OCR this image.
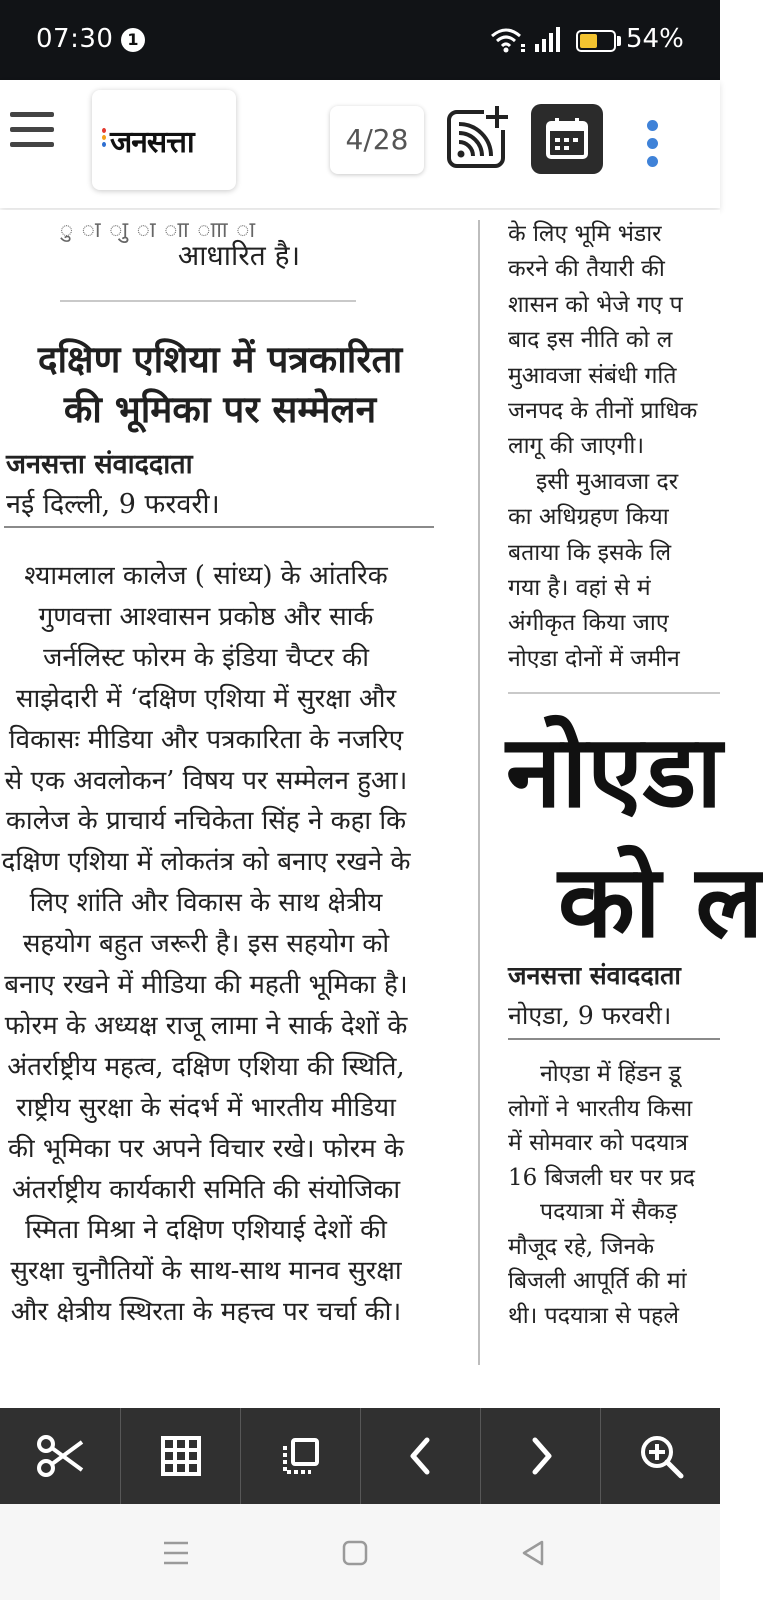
07:30 1	54%
जनसत्ता	4/28
ु ा ाुु ा ाा ााा ा
आधारित है।
दक्षिण एशिया में पत्रकारिता
की भूमिका पर सम्मेलन
जनसत्ता संवाददाता
नई दिल्ली, 9 फरवरी।
श्यामलाल कालेज ( सांध्य) के आंतरिक
गुणवत्ता आश्वासन प्रकोष्ठ और सार्क
जर्नलिस्ट फोरम के इंडिया चैप्टर की
साझेदारी में ‘दक्षिण एशिया में सुरक्षा और
विकासः मीडिया और पत्रकारिता के नजरिए
से एक अवलोकन’ विषय पर सम्मेलन हुआ।
कालेज के प्राचार्य नचिकेता सिंह ने कहा कि
दक्षिण एशिया में लोकतंत्र को बनाए रखने के
लिए शांति और विकास के साथ क्षेत्रीय
सहयोग बहुत जरूरी है। इस सहयोग को
बनाए रखने में मीडिया की महती भूमिका है।
फोरम के अध्यक्ष राजू लामा ने सार्क देशों के
अंतर्राष्ट्रीय महत्व, दक्षिण एशिया की स्थिति,
राष्ट्रीय सुरक्षा के संदर्भ में भारतीय मीडिया
की भूमिका पर अपने विचार रखे। फोरम के
अंतर्राष्ट्रीय कार्यकारी समिति की संयोजिका
स्मिता मिश्रा ने दक्षिण एशियाई देशों की
सुरक्षा चुनौतियों के साथ-साथ मानव सुरक्षा
और क्षेत्रीय स्थिरता के महत्त्व पर चर्चा की।
के लिए भूमि भंडार
करने की तैयारी की
शासन को भेजे गए प
बाद इस नीति को ल
मुआवजा संबंधी गति
जनपद के तीनों प्राधिक
लागू की जाएगी।
इसी मुआवजा दर
का अधिग्रहण किया
बताया कि इसके लि
गया है। वहां से मं
अंगीकृत किया जाए
नोएडा दोनों में जमीन
नोएडा
को ल
जनसत्ता संवाददाता
नोएडा, 9 फरवरी।
नोएडा में हिंडन डू
लोगों ने भारतीय किसा
में सोमवार को पदयात्र
16 बिजली घर पर प्रद
पदयात्रा में सैकड़
मौजूद रहे, जिनके
बिजली आपूर्ति की मां
थी। पदयात्रा से पहले
